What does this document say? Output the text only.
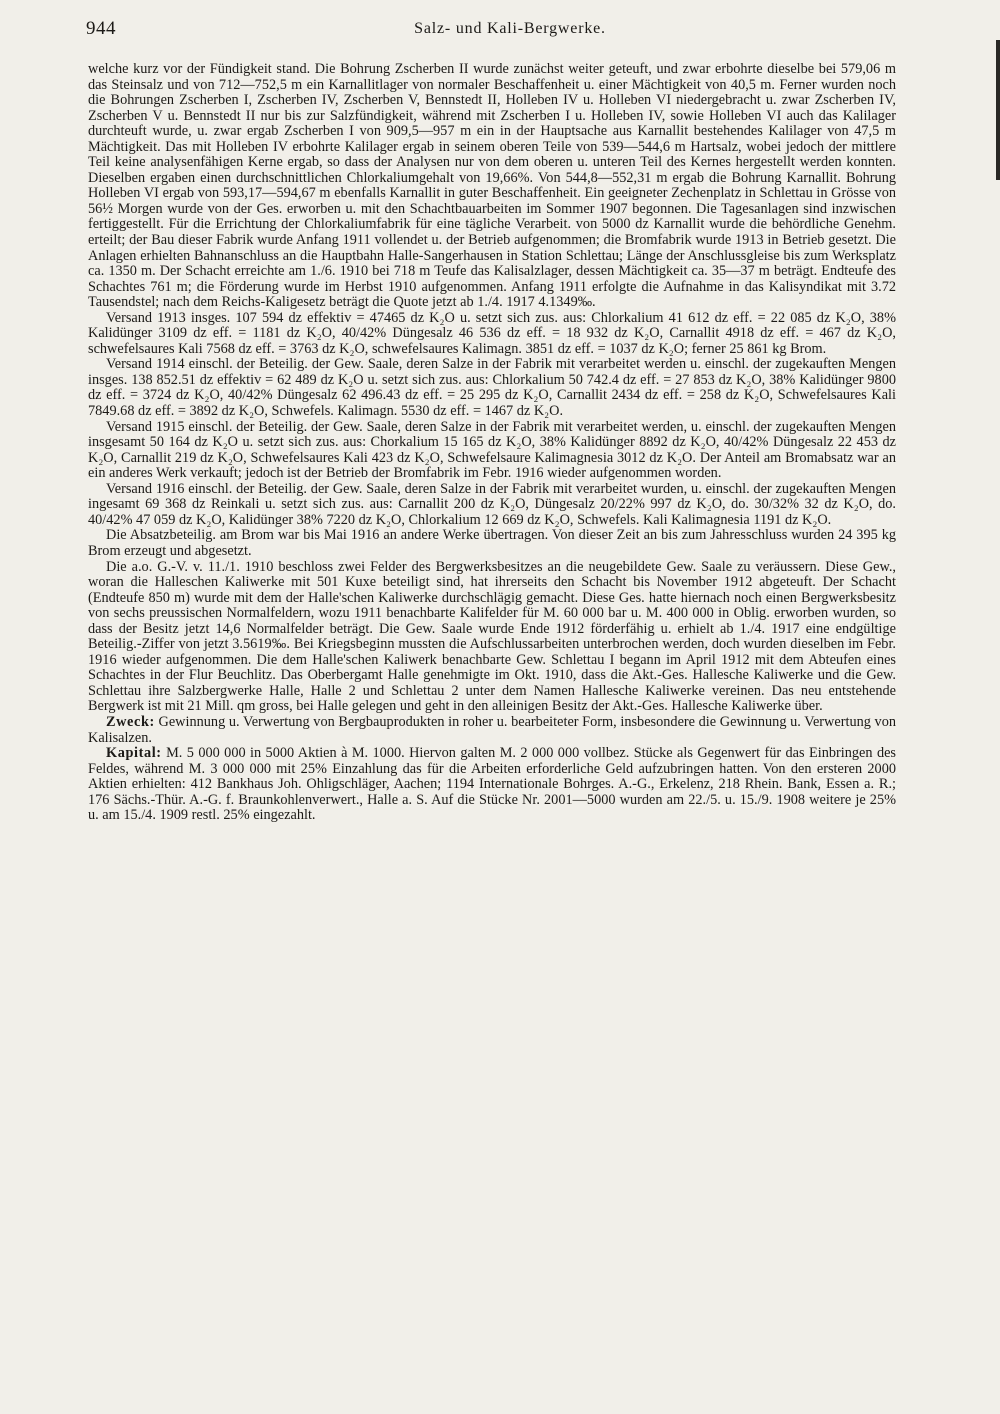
944	Salz- und Kali-Bergwerke.

welche kurz vor der Fündigkeit stand. Die Bohrung Zscherben II wurde zunächst weiter geteuft, und zwar erbohrte dieselbe bei 579,06 m das Steinsalz und von 712—752,5 m ein Karnallitlager von normaler Beschaffenheit u. einer Mächtigkeit von 40,5 m. Ferner wurden noch die Bohrungen Zscherben I, Zscherben IV, Zscherben V, Bennstedt II, Holleben IV u. Holleben VI niedergebracht u. zwar Zscherben IV, Zscherben V u. Bennstedt II nur bis zur Salzfündigkeit, während mit Zscherben I u. Holleben IV, sowie Holleben VI auch das Kalilager durchteuft wurde, u. zwar ergab Zscherben I von 909,5—957 m ein in der Hauptsache aus Karnallit bestehendes Kalilager von 47,5 m Mächtigkeit. Das mit Holleben IV erbohrte Kalilager ergab in seinem oberen Teile von 539—544,6 m Hartsalz, wobei jedoch der mittlere Teil keine analysenfähigen Kerne ergab, so dass der Analysen nur von dem oberen u. unteren Teil des Kernes hergestellt werden konnten. Dieselben ergaben einen durchschnittlichen Chlorkaliumgehalt von 19,66%. Von 544,8—552,31 m ergab die Bohrung Karnallit. Bohrung Holleben VI ergab von 593,17—594,67 m ebenfalls Karnallit in guter Beschaffenheit. Ein geeigneter Zechenplatz in Schlettau in Grösse von 56½ Morgen wurde von der Ges. erworben u. mit den Schachtbauarbeiten im Sommer 1907 begonnen. Die Tagesanlagen sind inzwischen fertiggestellt. Für die Errichtung der Chlorkaliumfabrik für eine tägliche Verarbeit. von 5000 dz Karnallit wurde die behördliche Genehm. erteilt; der Bau dieser Fabrik wurde Anfang 1911 vollendet u. der Betrieb aufgenommen; die Bromfabrik wurde 1913 in Betrieb gesetzt. Die Anlagen erhielten Bahnanschluss an die Hauptbahn Halle-Sangerhausen in Station Schlettau; Länge der Anschlussgleise bis zum Werksplatz ca. 1350 m. Der Schacht erreichte am 1./6. 1910 bei 718 m Teufe das Kalisalzlager, dessen Mächtigkeit ca. 35—37 m beträgt. Endteufe des Schachtes 761 m; die Förderung wurde im Herbst 1910 aufgenommen. Anfang 1911 erfolgte die Aufnahme in das Kalisyndikat mit 3.72 Tausendstel; nach dem Reichs-Kaligesetz beträgt die Quote jetzt ab 1./4. 1917 4.1349‰.

Versand 1913 insges. 107 594 dz effektiv = 47465 dz K₂O u. setzt sich zus. aus: Chlorkalium 41 612 dz eff. = 22 085 dz K₂O, 38% Kalidünger 3109 dz eff. = 1181 dz K₂O, 40/42% Düngesalz 46 536 dz eff. = 18 932 dz K₂O, Carnallit 4918 dz eff. = 467 dz K₂O, schwefelsaures Kali 7568 dz eff. = 3763 dz K₂O, schwefelsaures Kalimagn. 3851 dz eff. = 1037 dz K₂O; ferner 25 861 kg Brom.

Versand 1914 einschl. der Beteilig. der Gew. Saale, deren Salze in der Fabrik mit verarbeitet werden u. einschl. der zugekauften Mengen insges. 138 852.51 dz effektiv = 62 489 dz K₂O u. setzt sich zus. aus: Chlorkalium 50 742.4 dz eff. = 27 853 dz K₂O, 38% Kalidünger 9800 dz eff. = 3724 dz K₂O, 40/42% Düngesalz 62 496.43 dz eff. = 25 295 dz K₂O, Carnallit 2434 dz eff. = 258 dz K₂O, Schwefelsaures Kali 7849.68 dz eff. = 3892 dz K₂O, Schwefels. Kalimagn. 5530 dz eff. = 1467 dz K₂O.

Versand 1915 einschl. der Beteilig. der Gew. Saale, deren Salze in der Fabrik mit verarbeitet werden, u. einschl. der zugekauften Mengen insgesamt 50 164 dz K₂O u. setzt sich zus. aus: Chorkalium 15 165 dz K₂O, 38% Kalidünger 8892 dz K₂O, 40/42% Düngesalz 22 453 dz K₂O, Carnallit 219 dz K₂O, Schwefelsaures Kali 423 dz K₂O, Schwefelsaure Kalimagnesia 3012 dz K₂O. Der Anteil am Bromabsatz war an ein anderes Werk verkauft; jedoch ist der Betrieb der Bromfabrik im Febr. 1916 wieder aufgenommen worden.

Versand 1916 einschl. der Beteilig. der Gew. Saale, deren Salze in der Fabrik mit verarbeitet wurden, u. einschl. der zugekauften Mengen ingesamt 69 368 dz Reinkali u. setzt sich zus. aus: Carnallit 200 dz K₂O, Düngesalz 20/22% 997 dz K₂O, do. 30/32% 32 dz K₂O, do. 40/42% 47 059 dz K₂O, Kalidünger 38% 7220 dz K₂O, Chlorkalium 12 669 dz K₂O, Schwefels. Kali Kalimagnesia 1191 dz K₂O.

Die Absatzbeteilig. am Brom war bis Mai 1916 an andere Werke übertragen. Von dieser Zeit an bis zum Jahresschluss wurden 24 395 kg Brom erzeugt und abgesetzt.

Die a.o. G.-V. v. 11./1. 1910 beschloss zwei Felder des Bergwerksbesitzes an die neugebildete Gew. Saale zu veräussern. Diese Gew., woran die Halleschen Kaliwerke mit 501 Kuxe beteiligt sind, hat ihrerseits den Schacht bis November 1912 abgeteuft. Der Schacht (Endteufe 850 m) wurde mit dem der Halle'schen Kaliwerke durchschlägig gemacht. Diese Ges. hatte hiernach noch einen Bergwerksbesitz von sechs preussischen Normalfeldern, wozu 1911 benachbarte Kalifelder für M. 60 000 bar u. M. 400 000 in Oblig. erworben wurden, so dass der Besitz jetzt 14,6 Normalfelder beträgt. Die Gew. Saale wurde Ende 1912 förderfähig u. erhielt ab 1./4. 1917 eine endgültige Beteilig.-Ziffer von jetzt 3.5619‰. Bei Kriegsbeginn mussten die Aufschlussarbeiten unterbrochen werden, doch wurden dieselben im Febr. 1916 wieder aufgenommen. Die dem Halle'schen Kaliwerk benachbarte Gew. Schlettau I begann im April 1912 mit dem Abteufen eines Schachtes in der Flur Beuchlitz. Das Oberbergamt Halle genehmigte im Okt. 1910, dass die Akt.-Ges. Hallesche Kaliwerke und die Gew. Schlettau ihre Salzbergwerke Halle, Halle 2 und Schlettau 2 unter dem Namen Hallesche Kaliwerke vereinen. Das neu entstehende Bergwerk ist mit 21 Mill. qm gross, bei Halle gelegen und geht in den alleinigen Besitz der Akt.-Ges. Hallesche Kaliwerke über.

Zweck: Gewinnung u. Verwertung von Bergbauprodukten in roher u. bearbeiteter Form, insbesondere die Gewinnung u. Verwertung von Kalisalzen.

Kapital: M. 5 000 000 in 5000 Aktien à M. 1000. Hiervon galten M. 2 000 000 vollbez. Stücke als Gegenwert für das Einbringen des Feldes, während M. 3 000 000 mit 25% Einzahlung das für die Arbeiten erforderliche Geld aufzubringen hatten. Von den ersteren 2000 Aktien erhielten: 412 Bankhaus Joh. Ohligschläger, Aachen; 1194 Internationale Bohrges. A.-G., Erkelenz, 218 Rhein. Bank, Essen a. R.; 176 Sächs.-Thür. A.-G. f. Braunkohlenverwert., Halle a. S. Auf die Stücke Nr. 2001—5000 wurden am 22./5. u. 15./9. 1908 weitere je 25% u. am 15./4. 1909 restl. 25% eingezahlt.
